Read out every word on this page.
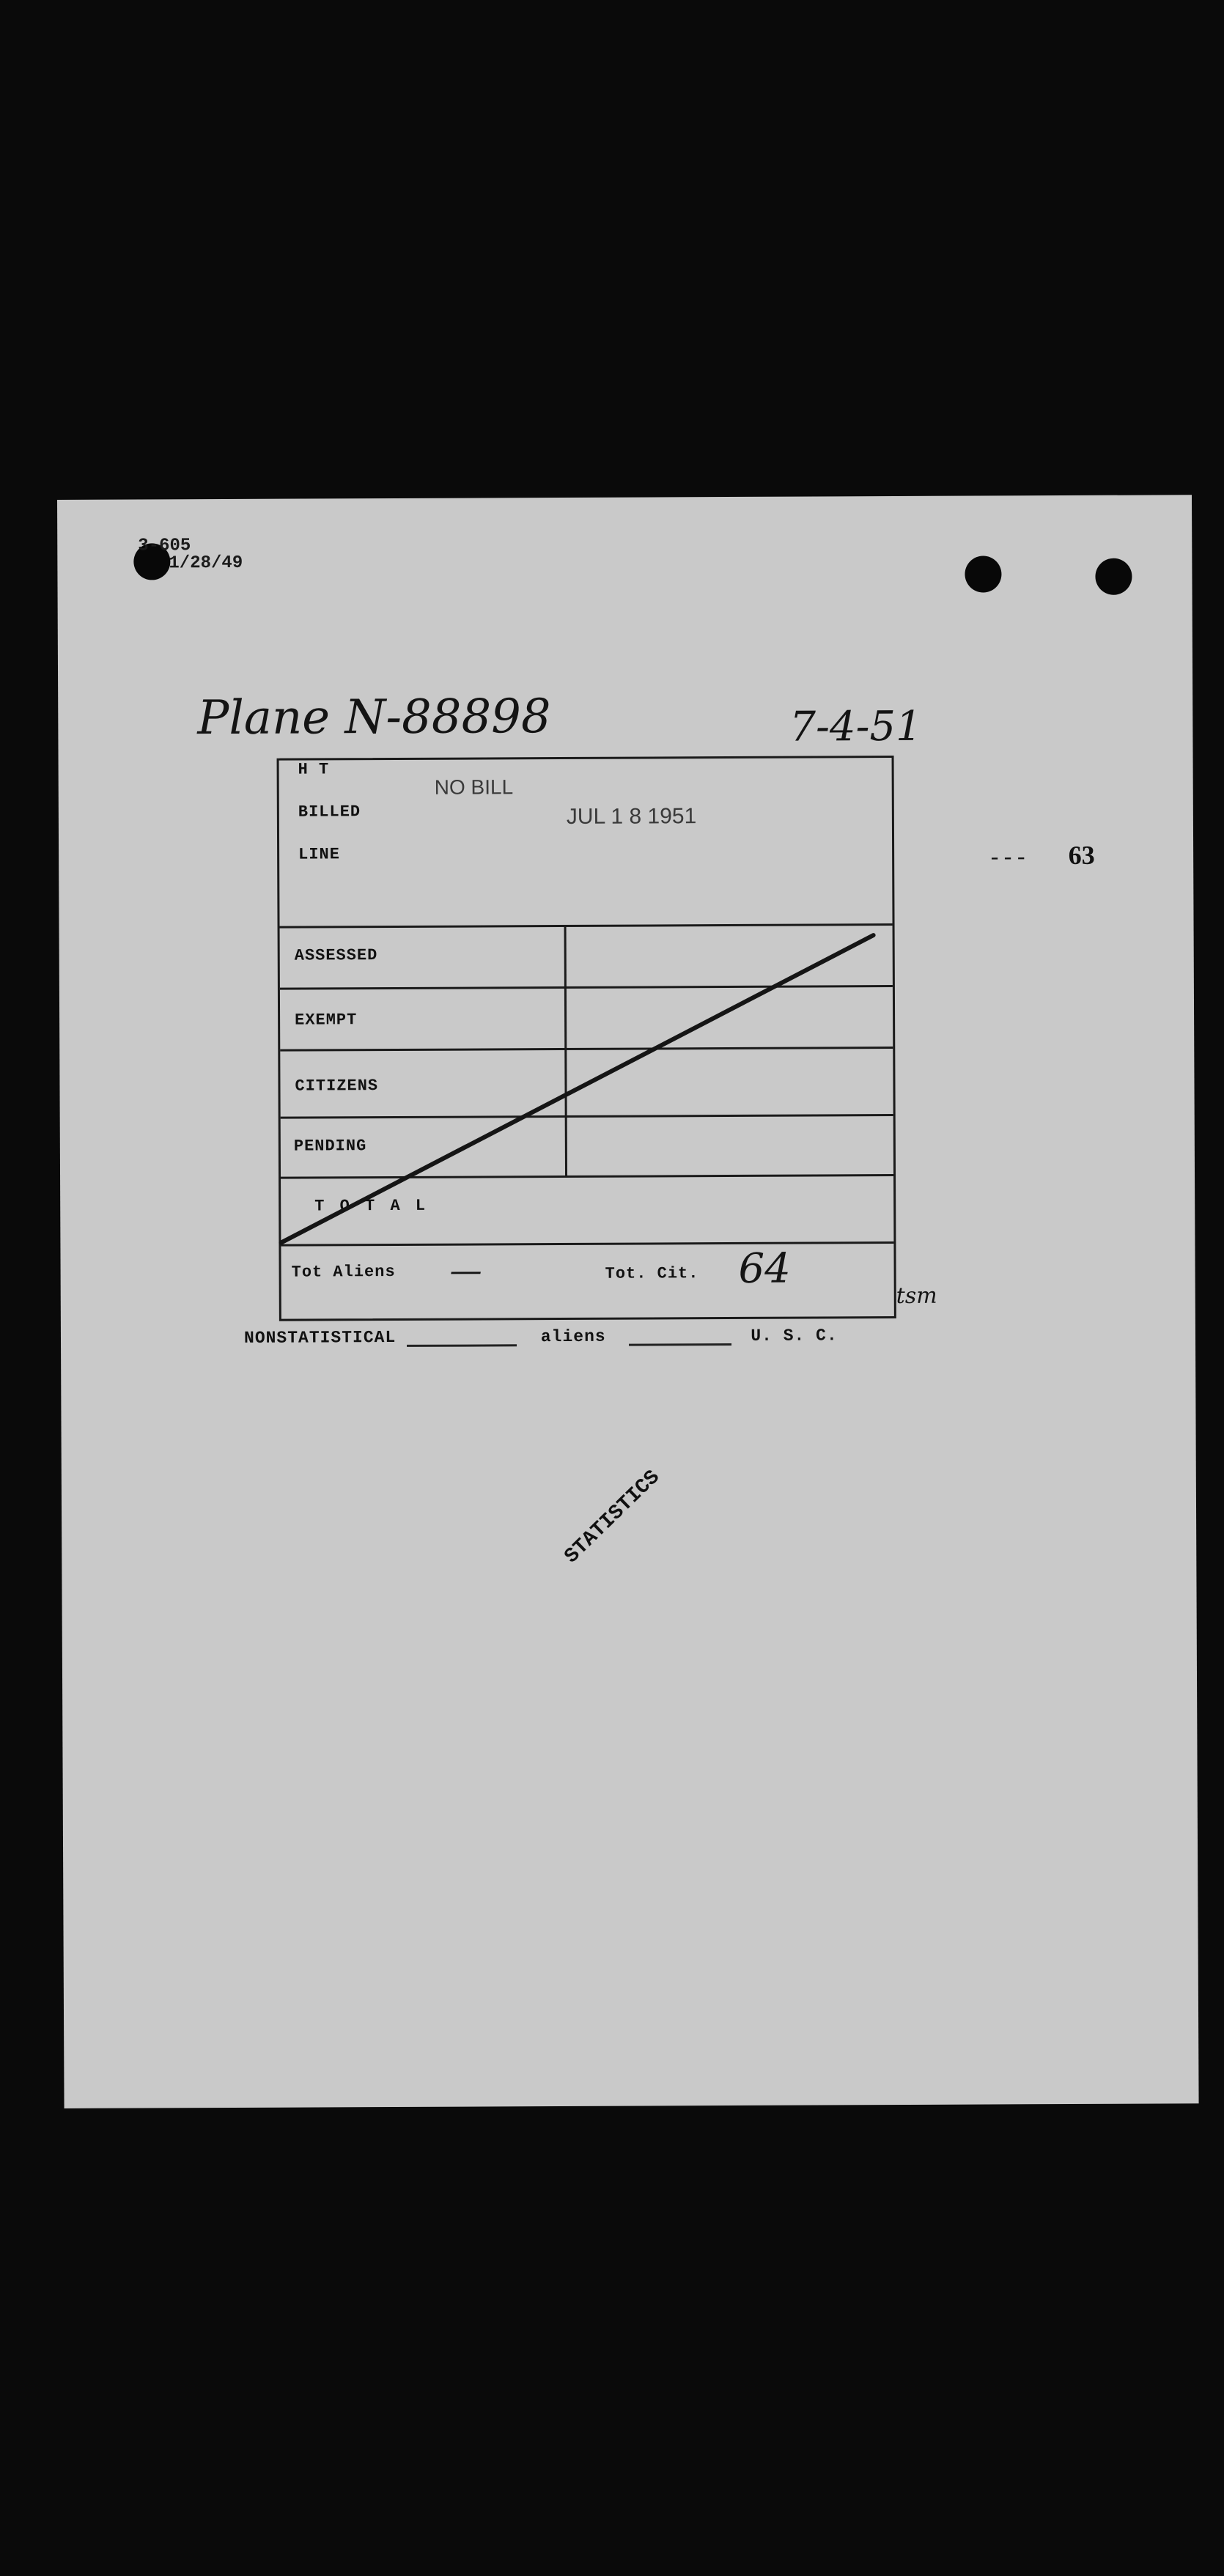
3-605
1/28/49
Plane N-88898	7-4-51
--- 63
H T
BILLED
LINE
NO BILL
JUL 1 8 1951
ASSESSED
EXEMPT
CITIZENS
PENDING
T O T A L
Tot Aliens —	Tot. Cit. 64
tsm
NONSTATISTICAL	aliens	U. S. C.
STATISTICS
